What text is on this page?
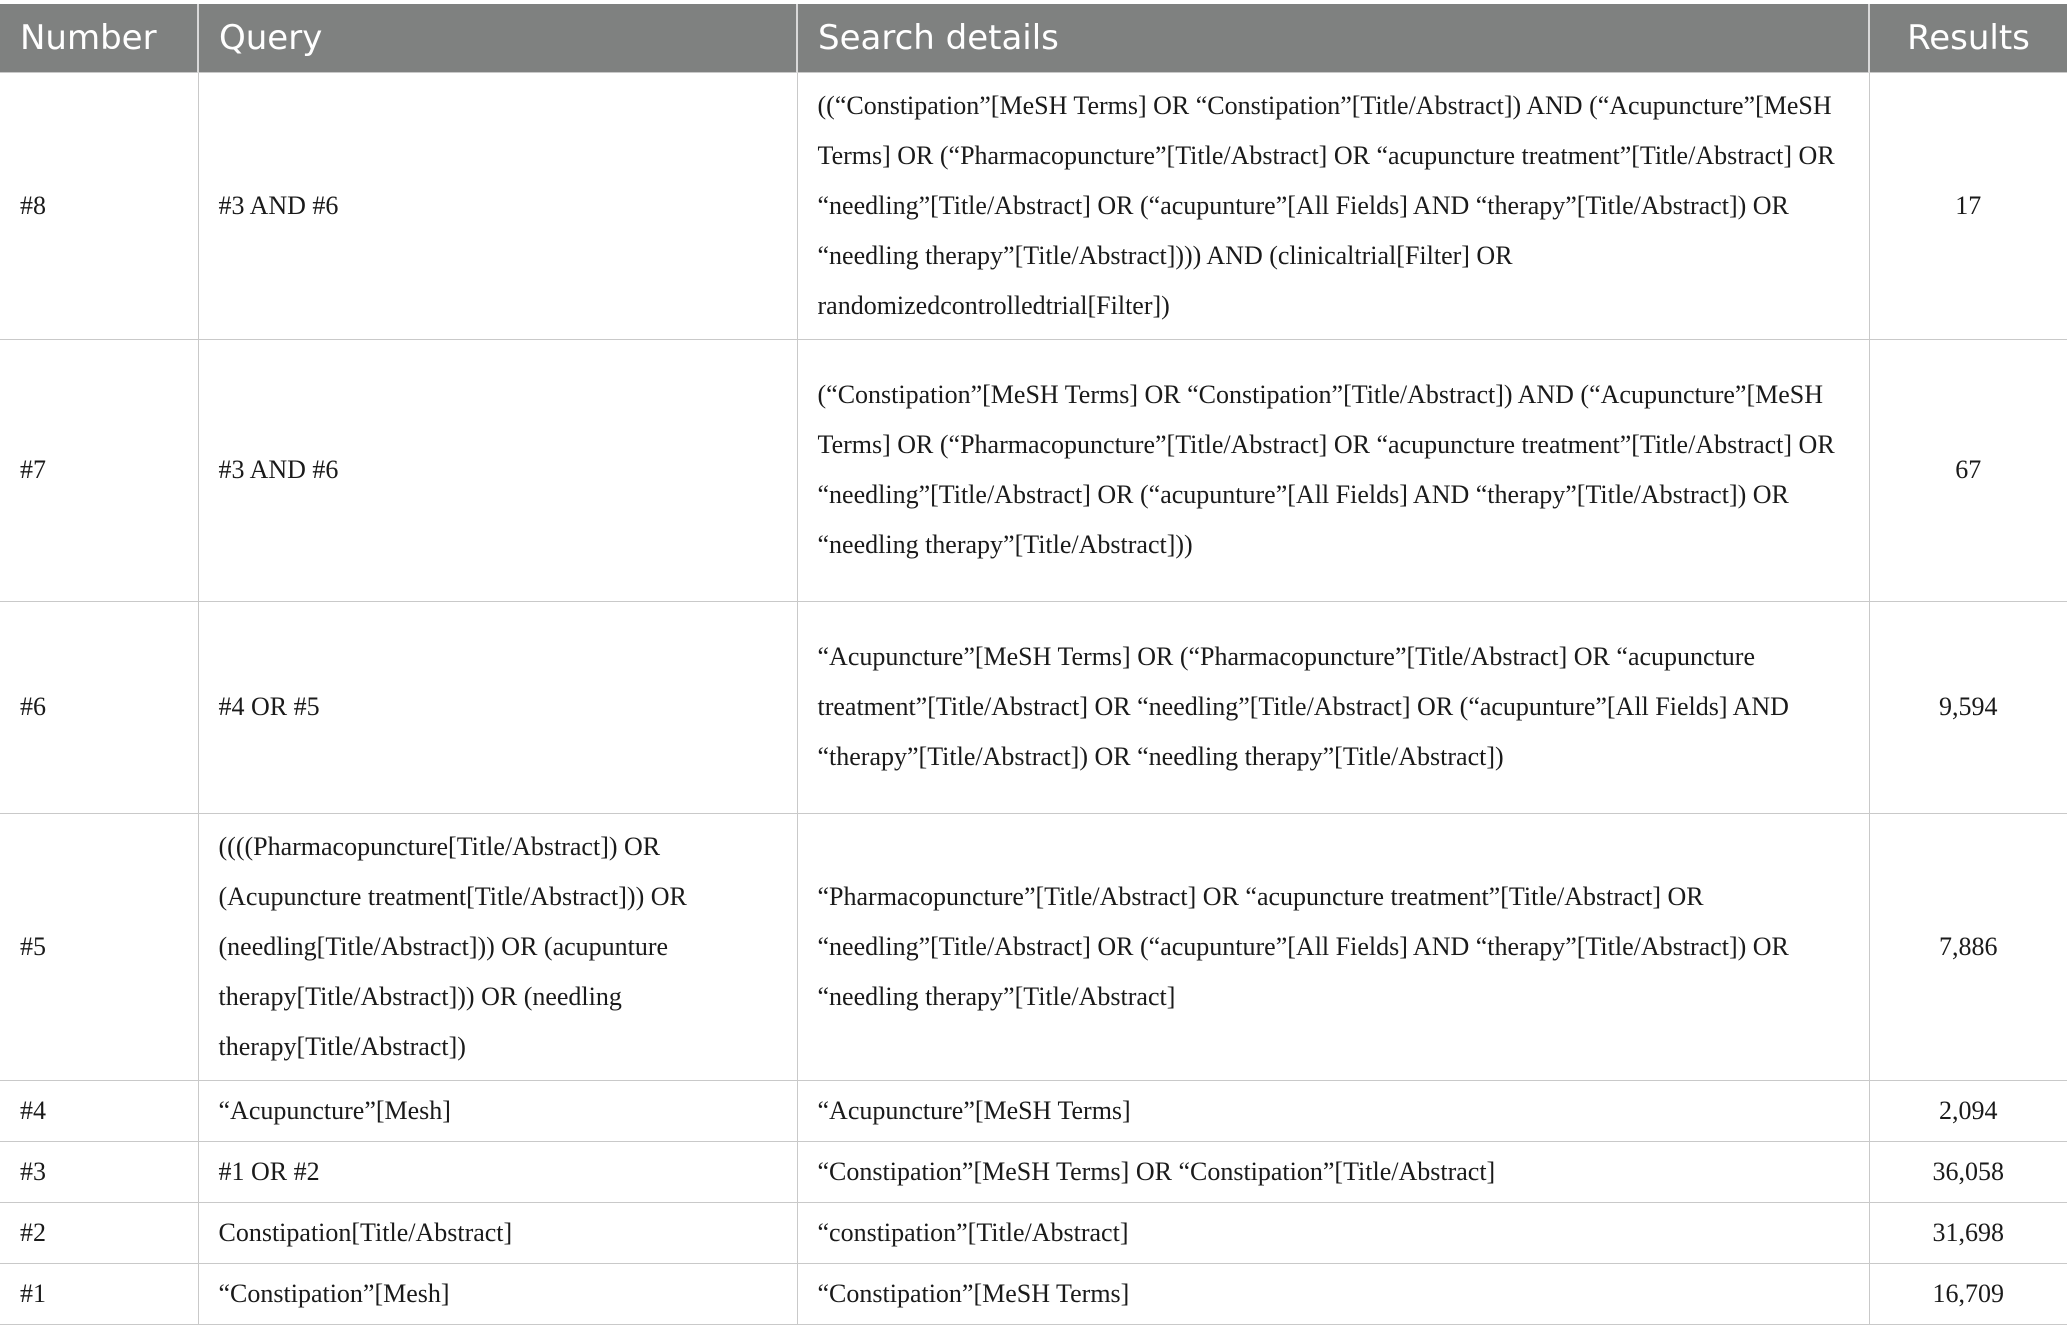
Number	Query	Search details	Results
#8	#3 AND #6	((“Constipation”[MeSH Terms] OR “Constipation”[Title/Abstract]) AND (“Acupuncture”[MeSH Terms] OR (“Pharmacopuncture”[Title/Abstract] OR “acupuncture treatment”[Title/Abstract] OR “needling”[Title/Abstract] OR (“acupunture”[All Fields] AND “therapy”[Title/Abstract]) OR “needling therapy”[Title/Abstract]))) AND (clinicaltrial[Filter] OR randomizedcontrolledtrial[Filter])	17
#7	#3 AND #6	(“Constipation”[MeSH Terms] OR “Constipation”[Title/Abstract]) AND (“Acupuncture”[MeSH Terms] OR (“Pharmacopuncture”[Title/Abstract] OR “acupuncture treatment”[Title/Abstract] OR “needling”[Title/Abstract] OR (“acupunture”[All Fields] AND “therapy”[Title/Abstract]) OR “needling therapy”[Title/Abstract]))	67
#6	#4 OR #5	“Acupuncture”[MeSH Terms] OR (“Pharmacopuncture”[Title/Abstract] OR “acupuncture treatment”[Title/Abstract] OR “needling”[Title/Abstract] OR (“acupunture”[All Fields] AND “therapy”[Title/Abstract]) OR “needling therapy”[Title/Abstract])	9,594
#5	((((Pharmacopuncture[Title/Abstract]) OR (Acupuncture treatment[Title/Abstract])) OR (needling[Title/Abstract])) OR (acupunture therapy[Title/Abstract])) OR (needling therapy[Title/Abstract])	“Pharmacopuncture”[Title/Abstract] OR “acupuncture treatment”[Title/Abstract] OR “needling”[Title/Abstract] OR (“acupunture”[All Fields] AND “therapy”[Title/Abstract]) OR “needling therapy”[Title/Abstract]	7,886
#4	“Acupuncture”[Mesh]	“Acupuncture”[MeSH Terms]	2,094
#3	#1 OR #2	“Constipation”[MeSH Terms] OR “Constipation”[Title/Abstract]	36,058
#2	Constipation[Title/Abstract]	“constipation”[Title/Abstract]	31,698
#1	“Constipation”[Mesh]	“Constipation”[MeSH Terms]	16,709
